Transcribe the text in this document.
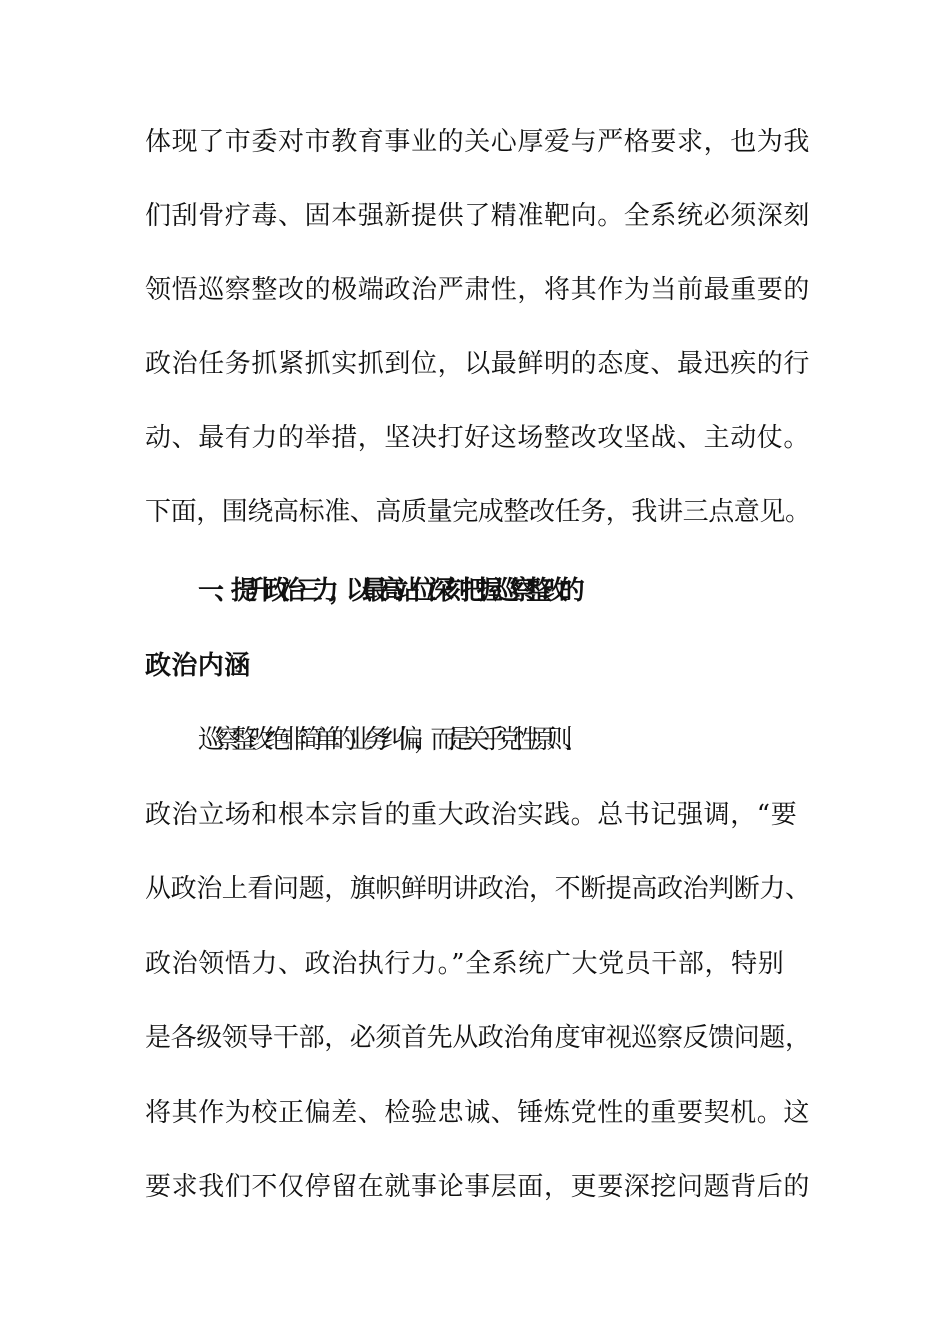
体现了市委对市教育事业的关心厚爱与严格要求，也为我
们刮骨疗毒、固本强新提供了精准靶向。全系统必须深刻
领悟巡察整改的极端政治严肃性，将其作为当前最重要的
政治任务抓紧抓实抓到位，以最鲜明的态度、最迅疾的行
动、最有力的举措，坚决打好这场整改攻坚战、主动仗。
下面，围绕高标准、高质量完成整改任务，我讲三点意见。
一、提升政治三力，以最高站位深刻把握巡察整改的
政治内涵
巡察整改绝非简单的业务纠偏，而是关乎党性原则、
政治立场和根本宗旨的重大政治实践。总书记强调，“要
从政治上看问题，旗帜鲜明讲政治，不断提高政治判断力、
政治领悟力、政治执行力。”全系统广大党员干部，特别
是各级领导干部，必须首先从政治角度审视巡察反馈问题，
将其作为校正偏差、检验忠诚、锤炼党性的重要契机。这
要求我们不仅停留在就事论事层面，更要深挖问题背后的
